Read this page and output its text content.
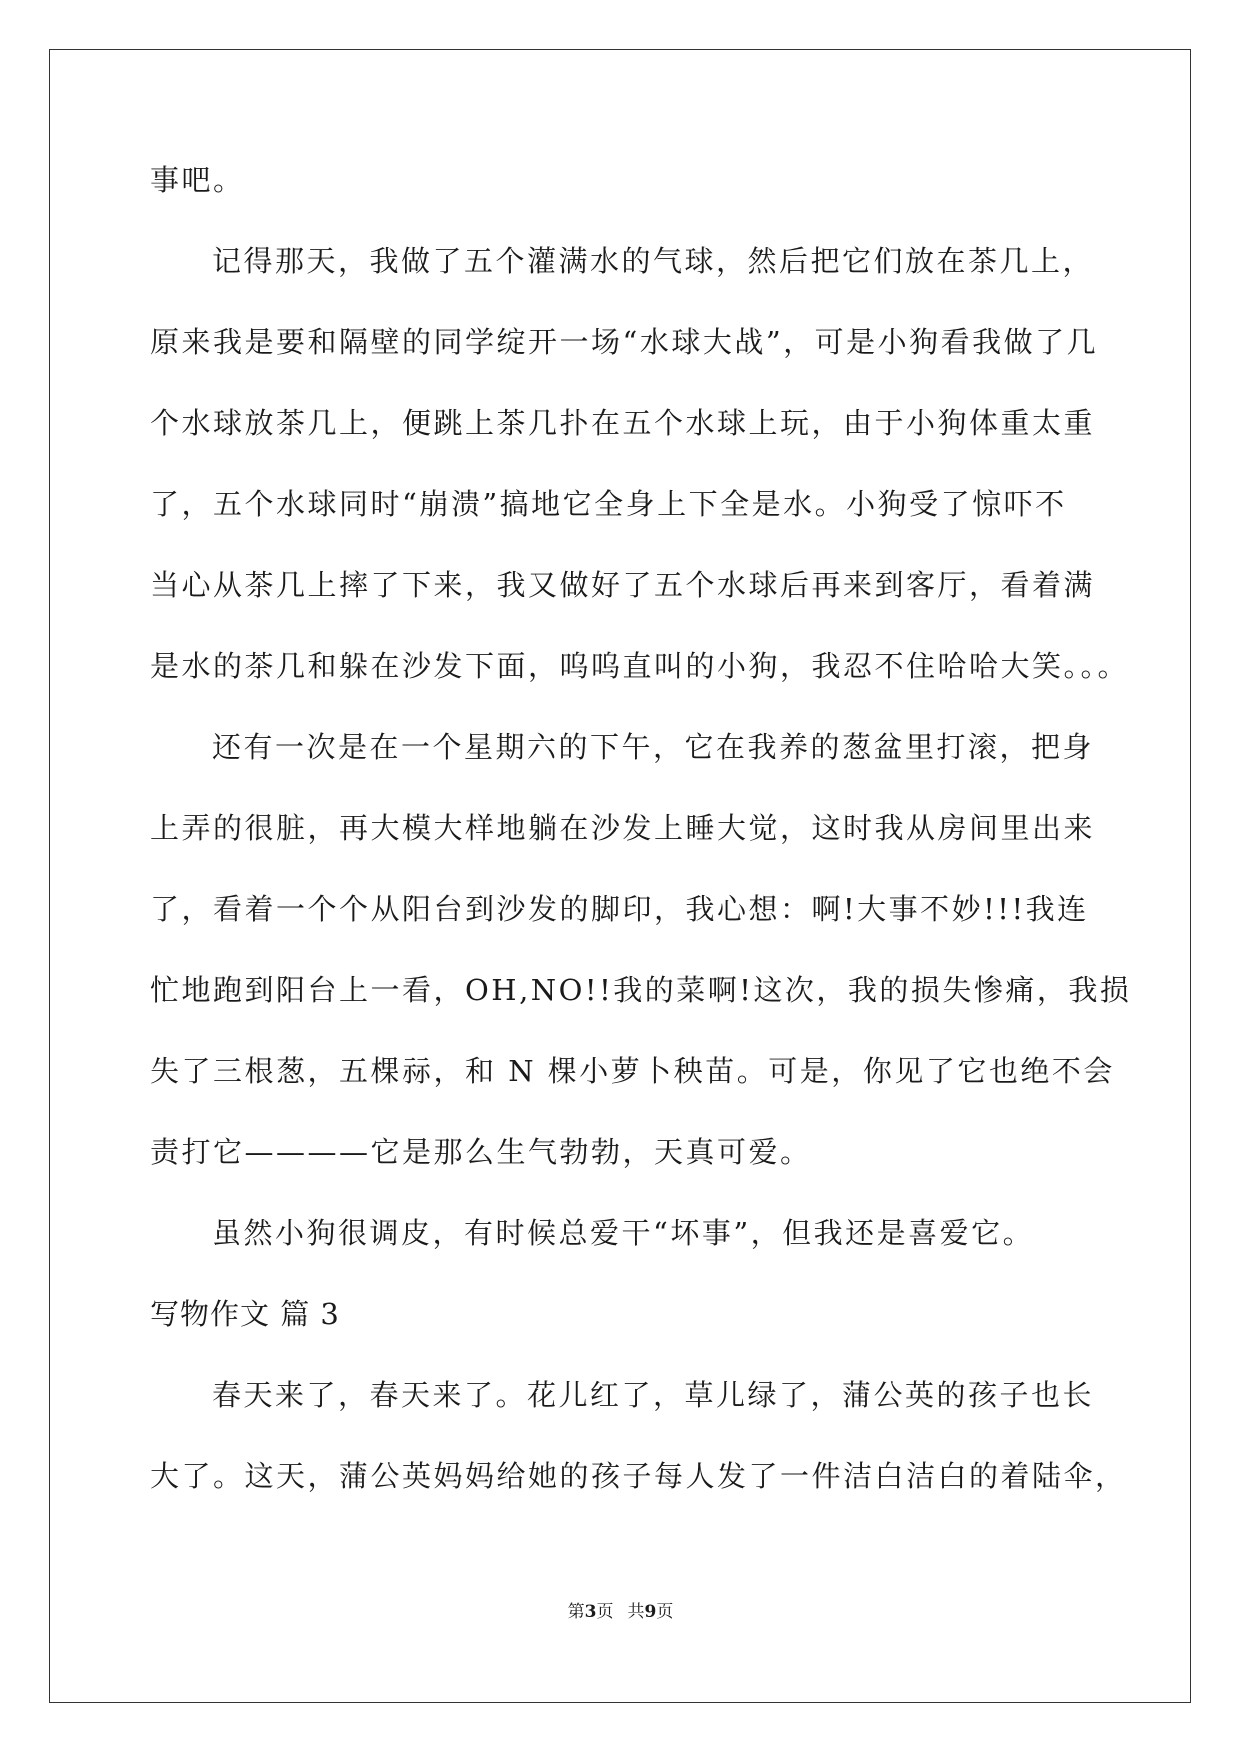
事吧。
记得那天，我做了五个灌满水的气球，然后把它们放在茶几上，
原来我是要和隔壁的同学绽开一场“水球大战”，可是小狗看我做了几
个水球放茶几上，便跳上茶几扑在五个水球上玩，由于小狗体重太重
了，五个水球同时“崩溃”搞地它全身上下全是水。小狗受了惊吓不
当心从茶几上摔了下来，我又做好了五个水球后再来到客厅，看着满
是水的茶几和躲在沙发下面，呜呜直叫的小狗，我忍不住哈哈大笑。。。
还有一次是在一个星期六的下午，它在我养的葱盆里打滚，把身
上弄的很脏，再大模大样地躺在沙发上睡大觉，这时我从房间里出来
了，看着一个个从阳台到沙发的脚印，我心想：啊!大事不妙!!!我连
忙地跑到阳台上一看，OH,NO!!我的菜啊!这次，我的损失惨痛，我损
失了三根葱，五棵祘，和 N 棵小萝卜秧苗。可是，你见了它也绝不会
责打它————它是那么生气勃勃，天真可爱。
虽然小狗很调皮，有时候总爱干“坏事”，但我还是喜爱它。
写物作文 篇 3
春天来了，春天来了。花儿红了，草儿绿了，蒲公英的孩子也长
大了。这天，蒲公英妈妈给她的孩子每人发了一件洁白洁白的着陆伞，
第3页 共9页
